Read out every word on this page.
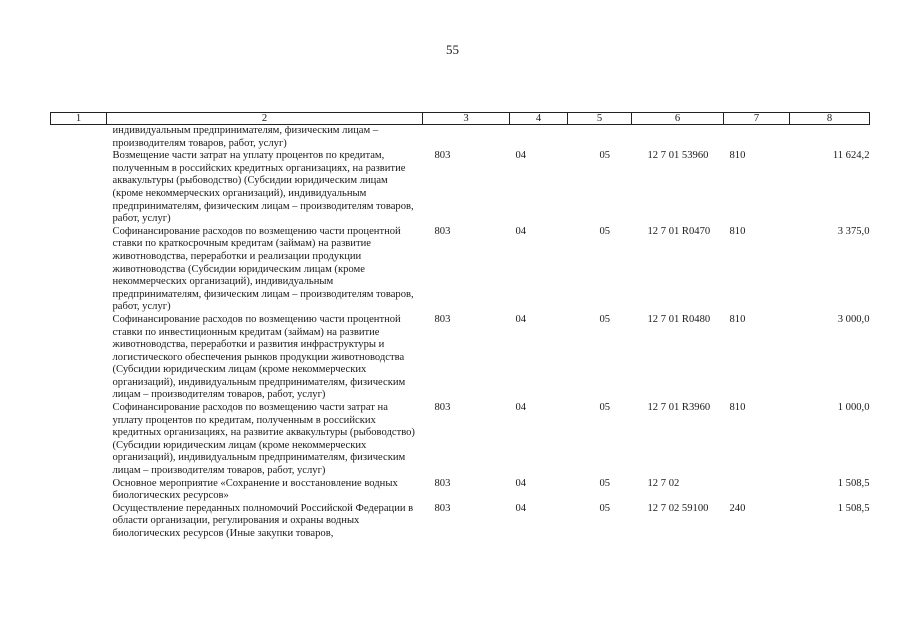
55
1	2	3	4	5	6	7	8
индивидуальным предпринимателям, физическим лицам – производителям товаров, работ, услуг)							
Возмещение части затрат на уплату процентов по кредитам, полученным в российских кредитных организациях, на развитие аквакультуры (рыбоводство) (Субсидии юридическим лицам (кроме некоммерческих организаций), индивидуальным предпринимателям, физическим лицам – производителям товаров, работ, услуг)		803	04	05	12 7 01 53960	810	11 624,2
Софинансирование расходов по возмещению части процентной ставки по краткосрочным кредитам (займам) на развитие животноводства, переработки и реализации продукции животноводства (Субсидии юридическим лицам (кроме некоммерческих организаций), индивидуальным предпринимателям, физическим лицам – производителям товаров, работ, услуг)		803	04	05	12 7 01 R0470	810	3 375,0
Софинансирование расходов по возмещению части процентной ставки по инвестиционным кредитам (займам) на развитие животноводства, переработки и развития инфраструктуры и логистического обеспечения рынков продукции животноводства (Субсидии юридическим лицам (кроме некоммерческих организаций), индивидуальным предпринимателям, физическим лицам – производителям товаров, работ, услуг)		803	04	05	12 7 01 R0480	810	3 000,0
Софинансирование расходов по возмещению части затрат на уплату процентов по кредитам, полученным в российских кредитных организациях, на развитие аквакультуры (рыбоводство) (Субсидии юридическим лицам (кроме некоммерческих организаций), индивидуальным предпринимателям, физическим лицам – производителям товаров, работ, услуг)		803	04	05	12 7 01 R3960	810	1 000,0
Основное мероприятие «Сохранение и восстановление водных биологических ресурсов»		803	04	05	12 7 02		1 508,5
Осуществление переданных полномочий Российской Федерации в области организации, регулирования и охраны водных биологических ресурсов (Иные закупки товаров,		803	04	05	12 7 02 59100	240	1 508,5
